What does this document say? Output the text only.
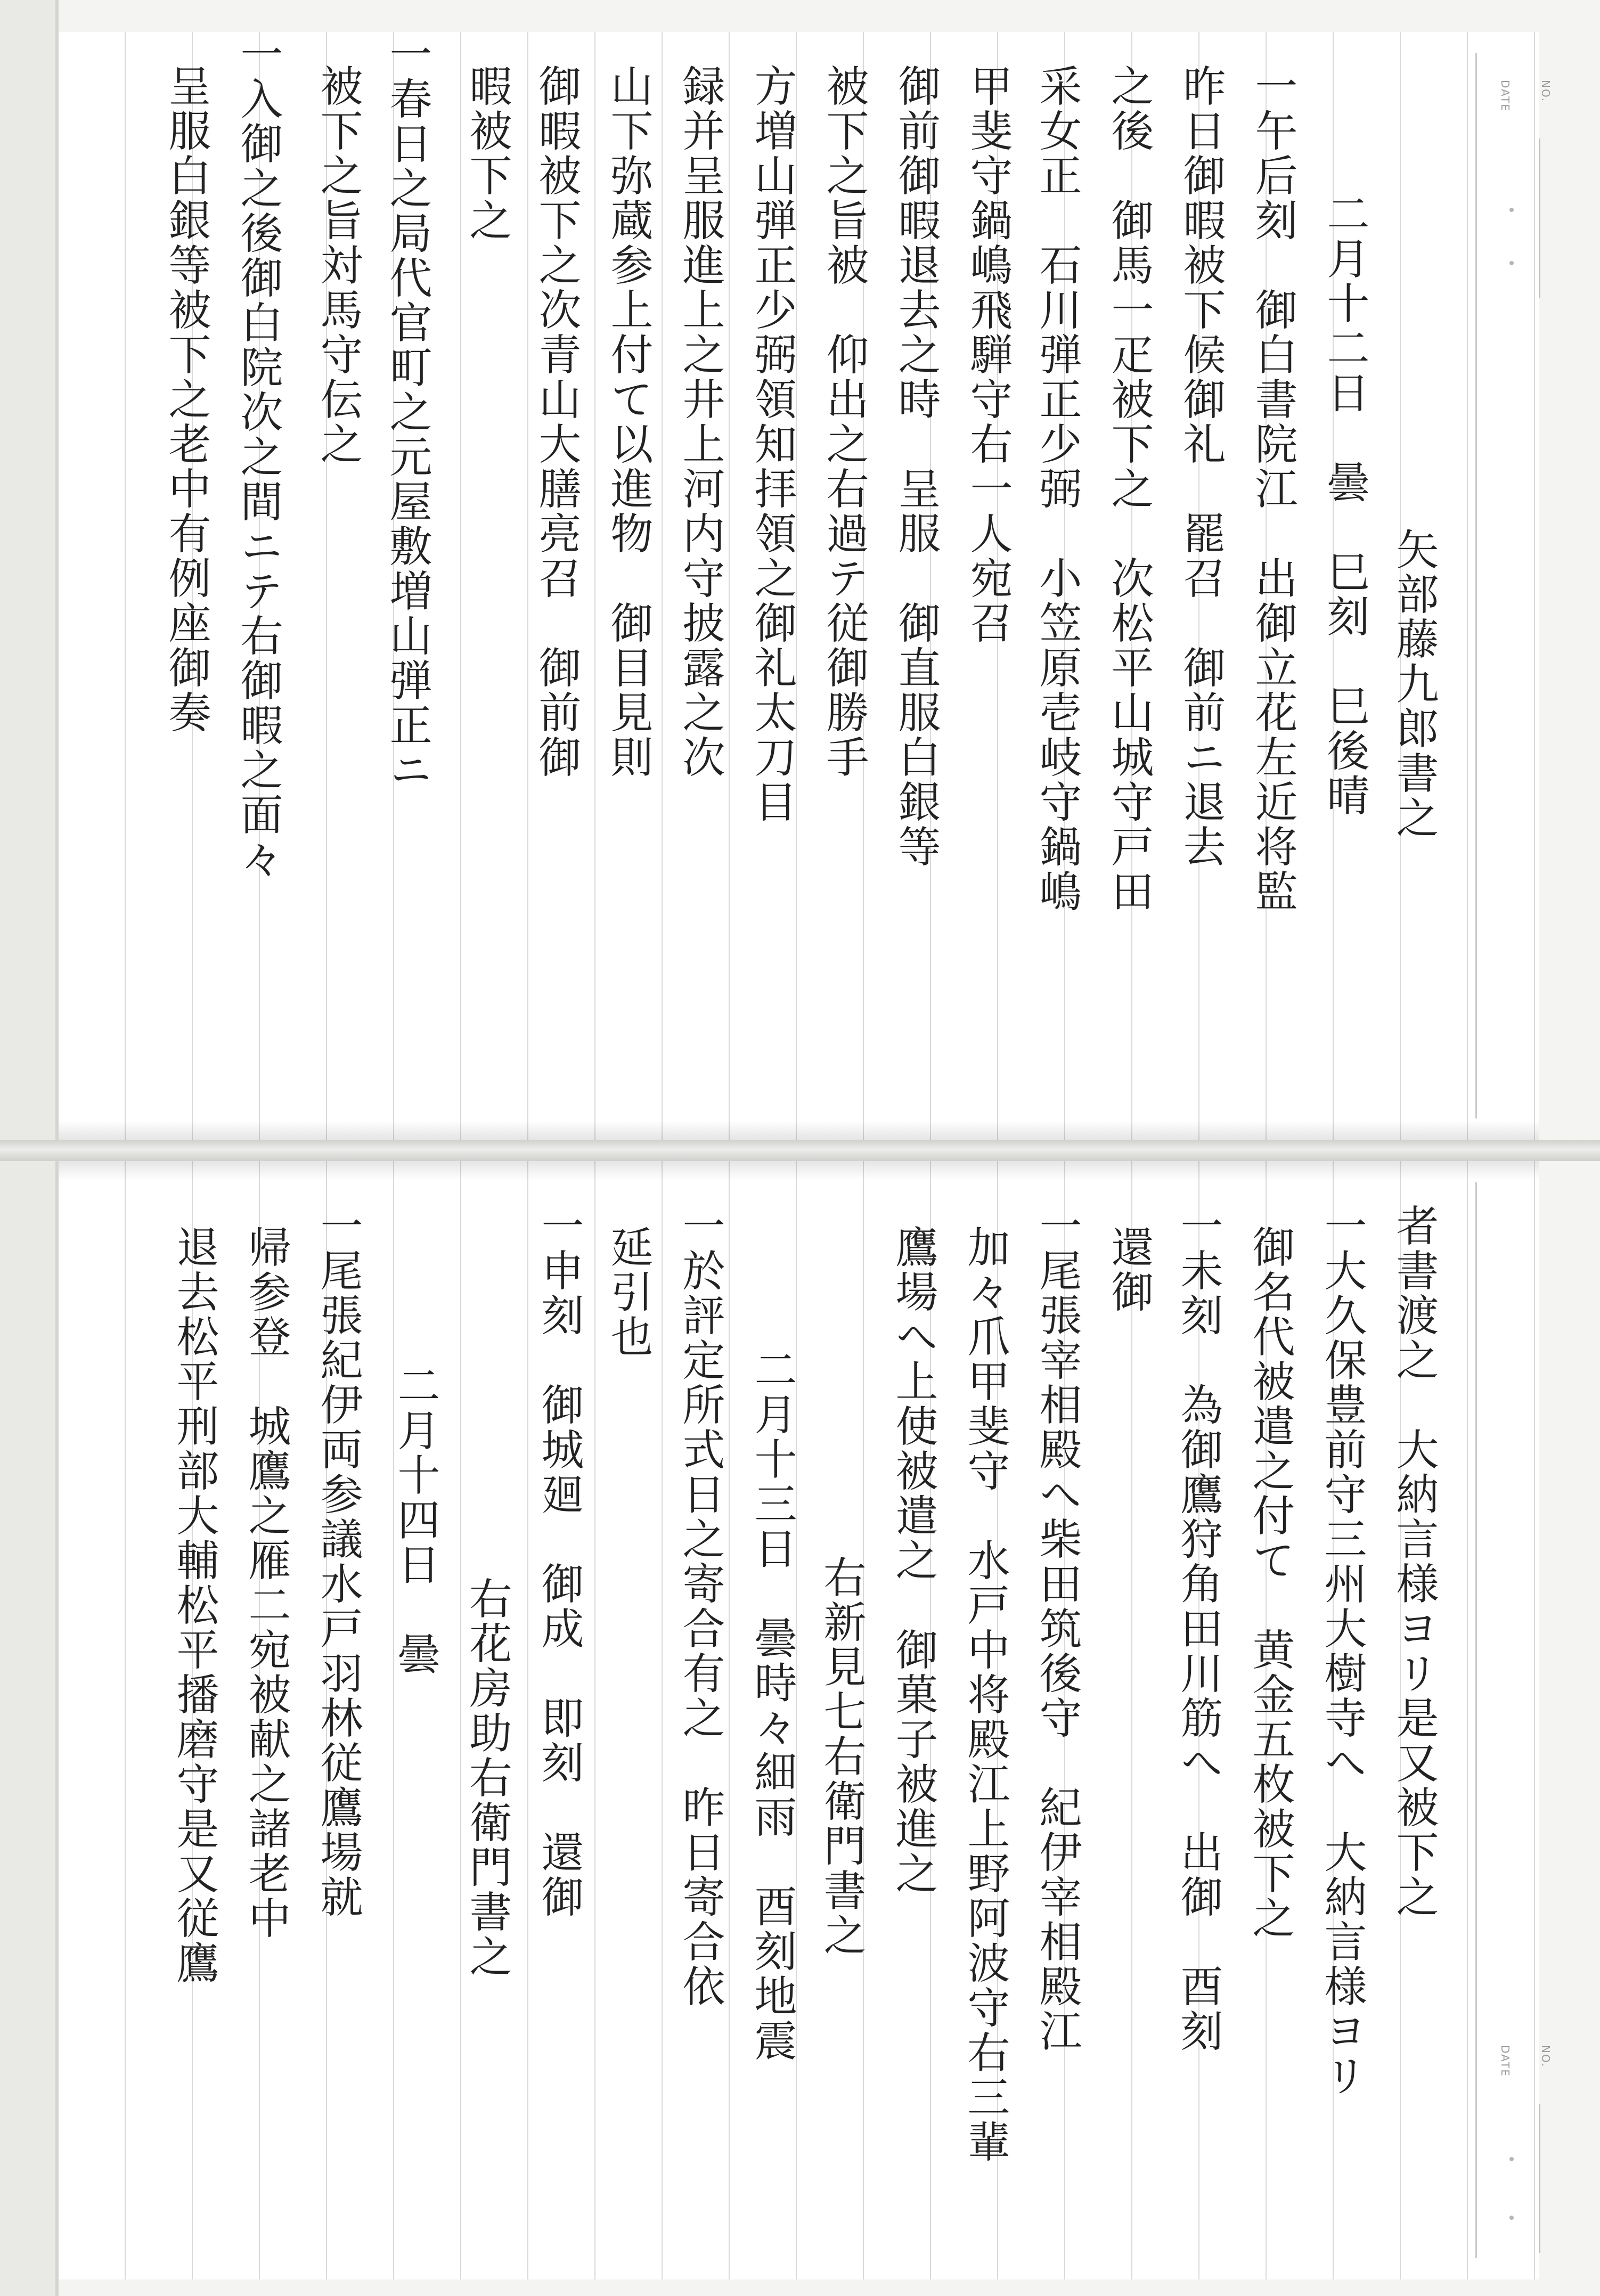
NO.
DATE
矢部藤九郎書之
二月十二日　曇　巳刻　巳後晴
一午后刻　御白書院江　出御立花左近将監
昨日御暇被下候御礼　罷召　御前ニ退去
之後　御馬一疋被下之　次松平山城守戸田
采女正　石川弾正少弼　小笠原壱岐守鍋嶋
甲斐守鍋嶋飛騨守右一人宛召
御前御暇退去之時　呈服　御直服白銀等
被下之旨被　仰出之右過テ従御勝手
方増山弾正少弼領知拝領之御礼太刀目
録并呈服進上之井上河内守披露之次
山下弥蔵参上付て以進物　御目見則
御暇被下之次青山大膳亮召　御前御
暇被下之
一春日之局代官町之元屋敷増山弾正ニ
被下之旨対馬守伝之
一入御之後御白院次之間ニテ右御暇之面々
呈服白銀等被下之老中有例座御奏
NO.
DATE
者書渡之　大納言様ヨリ是又被下之
一大久保豊前守三州大樹寺へ　大納言様ヨリ
御名代被遣之付て　黄金五枚被下之
一未刻　為御鷹狩角田川筋へ　出御　酉刻
還御
一尾張宰相殿へ柴田筑後守　紀伊宰相殿江
加々爪甲斐守　水戸中将殿江上野阿波守右三輩
鷹場へ上使被遣之　御菓子被進之
右新見七右衛門書之
二月十三日　曇時々細雨　酉刻地震
一於評定所式日之寄合有之　昨日寄合依
延引也
一申刻　御城廻　御成　即刻　還御
右花房助右衛門書之
二月十四日　曇
一尾張紀伊両参議水戸羽林従鷹場就
帰参登　城鷹之雁二宛被献之諸老中
退去松平刑部大輔松平播磨守是又従鷹
